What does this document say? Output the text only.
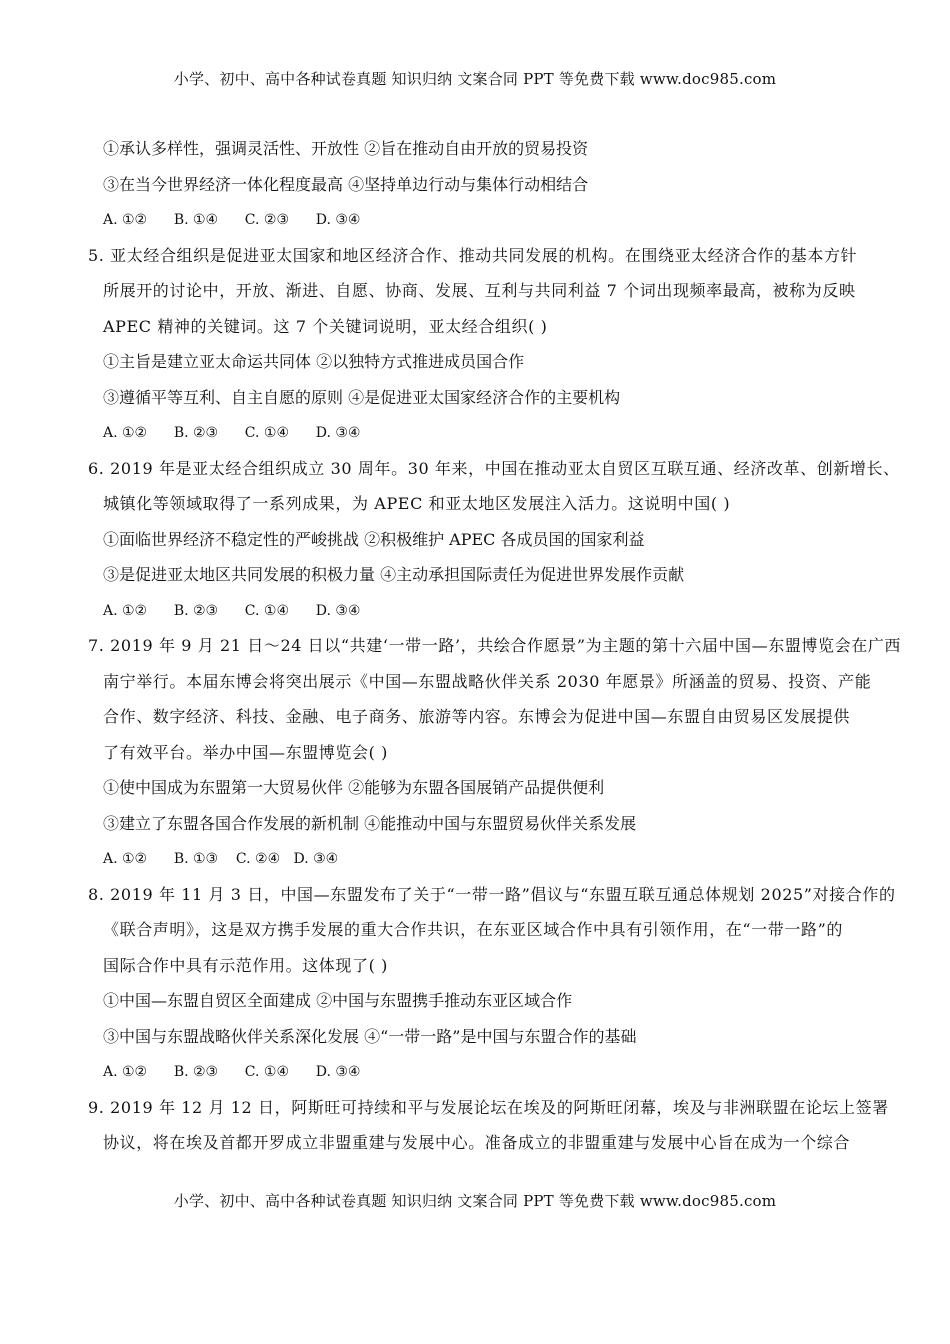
小学、初中、高中各种试卷真题 知识归纳 文案合同 PPT 等免费下载 www.doc985.com

①承认多样性，强调灵活性、开放性 ②旨在推动自由开放的贸易投资

③在当今世界经济一体化程度最高 ④坚持单边行动与集体行动相结合

A. ①②      B. ①④      C. ②③      D. ③④

5. 亚太经合组织是促进亚太国家和地区经济合作、推动共同发展的机构。在围绕亚太经济合作的基本方针

所展开的讨论中，开放、渐进、自愿、协商、发展、互利与共同利益 7 个词出现频率最高，被称为反映

APEC 精神的关键词。这 7 个关键词说明，亚太经合组织( )

①主旨是建立亚太命运共同体 ②以独特方式推进成员国合作

③遵循平等互利、自主自愿的原则 ④是促进亚太国家经济合作的主要机构

A. ①②      B. ②③      C. ①④      D. ③④

6. 2019 年是亚太经合组织成立 30 周年。30 年来，中国在推动亚太自贸区互联互通、经济改革、创新增长、

城镇化等领域取得了一系列成果，为 APEC 和亚太地区发展注入活力。这说明中国( )

①面临世界经济不稳定性的严峻挑战 ②积极维护 APEC 各成员国的国家利益

③是促进亚太地区共同发展的积极力量 ④主动承担国际责任为促进世界发展作贡献

A. ①②      B. ②③      C. ①④      D. ③④

7. 2019 年 9 月 21 日～24 日以“共建‘一带一路’，共绘合作愿景”为主题的第十六届中国—东盟博览会在广西

南宁举行。本届东博会将突出展示《中国—东盟战略伙伴关系 2030 年愿景》所涵盖的贸易、投资、产能

合作、数字经济、科技、金融、电子商务、旅游等内容。东博会为促进中国—东盟自由贸易区发展提供

了有效平台。举办中国—东盟博览会( )

①使中国成为东盟第一大贸易伙伴 ②能够为东盟各国展销产品提供便利

③建立了东盟各国合作发展的新机制 ④能推动中国与东盟贸易伙伴关系发展

A. ①②      B. ①③    C. ②④   D. ③④

8. 2019 年 11 月 3 日，中国—东盟发布了关于“一带一路”倡议与“东盟互联互通总体规划 2025”对接合作的

《联合声明》，这是双方携手发展的重大合作共识，在东亚区域合作中具有引领作用，在“一带一路”的

国际合作中具有示范作用。这体现了( )

①中国—东盟自贸区全面建成 ②中国与东盟携手推动东亚区域合作

③中国与东盟战略伙伴关系深化发展 ④“一带一路”是中国与东盟合作的基础

A. ①②      B. ②③      C. ①④      D. ③④

9. 2019 年 12 月 12 日，阿斯旺可持续和平与发展论坛在埃及的阿斯旺闭幕，埃及与非洲联盟在论坛上签署

协议，将在埃及首都开罗成立非盟重建与发展中心。准备成立的非盟重建与发展中心旨在成为一个综合

小学、初中、高中各种试卷真题 知识归纳 文案合同 PPT 等免费下载 www.doc985.com
